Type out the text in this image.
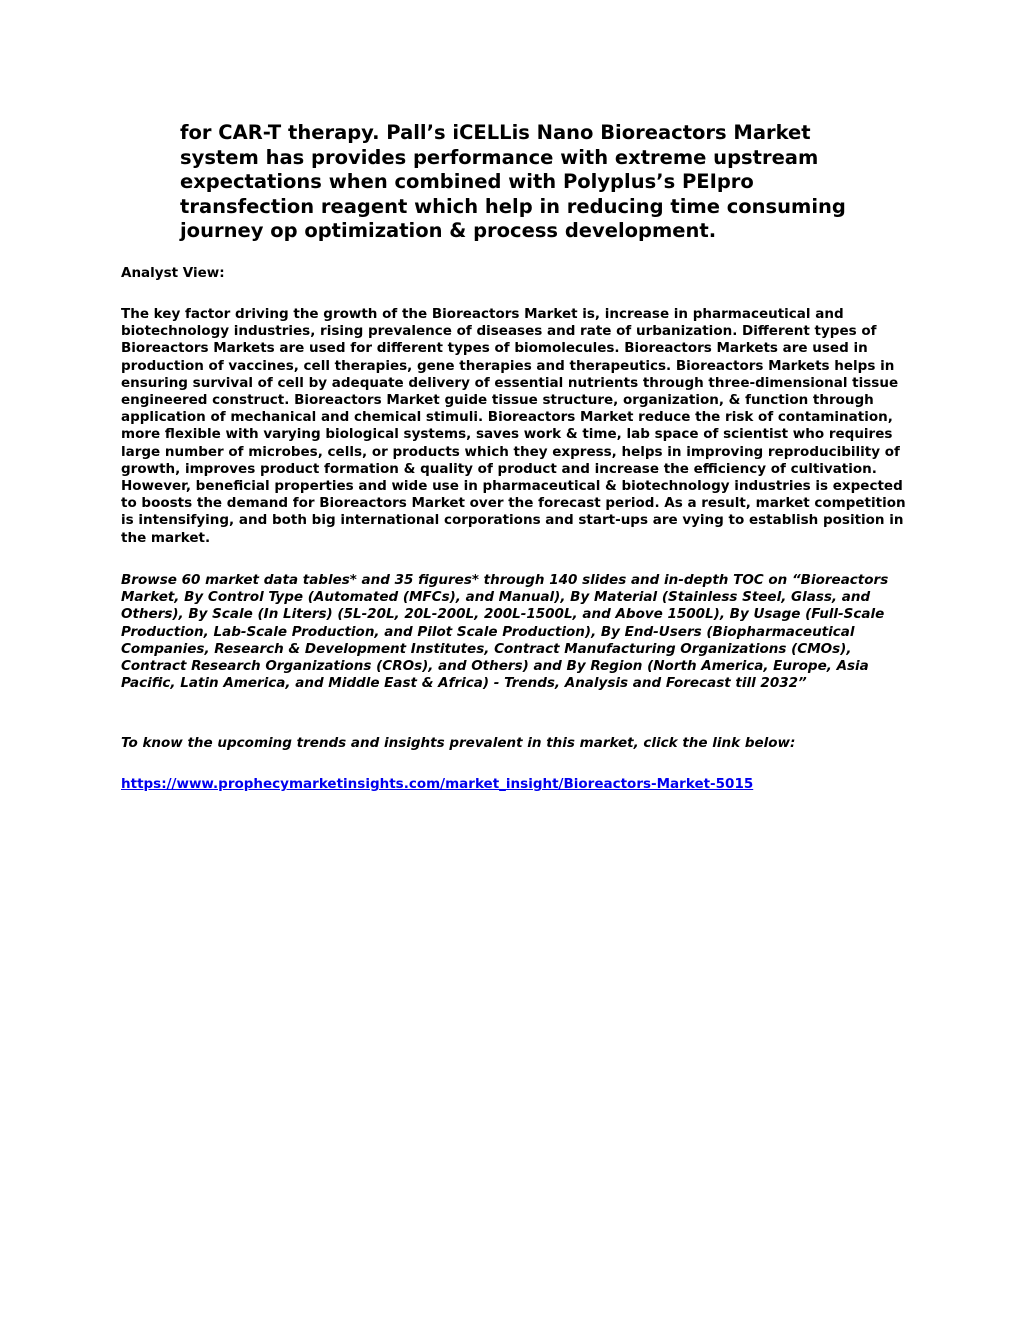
for CAR-T therapy. Pall’s iCELLis Nano Bioreactors Market system has provides performance with extreme upstream expectations when combined with Polyplus’s PEIpro transfection reagent which help in reducing time consuming journey op optimization & process development.

Analyst View:

The key factor driving the growth of the Bioreactors Market is, increase in pharmaceutical and biotechnology industries, rising prevalence of diseases and rate of urbanization. Different types of Bioreactors Markets are used for different types of biomolecules. Bioreactors Markets are used in production of vaccines, cell therapies, gene therapies and therapeutics. Bioreactors Markets helps in ensuring survival of cell by adequate delivery of essential nutrients through three-dimensional tissue engineered construct. Bioreactors Market guide tissue structure, organization, & function through application of mechanical and chemical stimuli. Bioreactors Market reduce the risk of contamination, more flexible with varying biological systems, saves work & time, lab space of scientist who requires large number of microbes, cells, or products which they express, helps in improving reproducibility of growth, improves product formation & quality of product and increase the efficiency of cultivation. However, beneficial properties and wide use in pharmaceutical & biotechnology industries is expected to boosts the demand for Bioreactors Market over the forecast period. As a result, market competition is intensifying, and both big international corporations and start-ups are vying to establish position in the market.

Browse 60 market data tables* and 35 figures* through 140 slides and in-depth TOC on “Bioreactors Market, By Control Type (Automated (MFCs), and Manual), By Material (Stainless Steel, Glass, and Others), By Scale (In Liters) (5L-20L, 20L-200L, 200L-1500L, and Above 1500L), By Usage (Full-Scale Production, Lab-Scale Production, and Pilot Scale Production), By End-Users (Biopharmaceutical Companies, Research & Development Institutes, Contract Manufacturing Organizations (CMOs), Contract Research Organizations (CROs), and Others) and By Region (North America, Europe, Asia Pacific, Latin America, and Middle East & Africa) - Trends, Analysis and Forecast till 2032”

To know the upcoming trends and insights prevalent in this market, click the link below:

https://www.prophecymarketinsights.com/market_insight/Bioreactors-Market-5015
